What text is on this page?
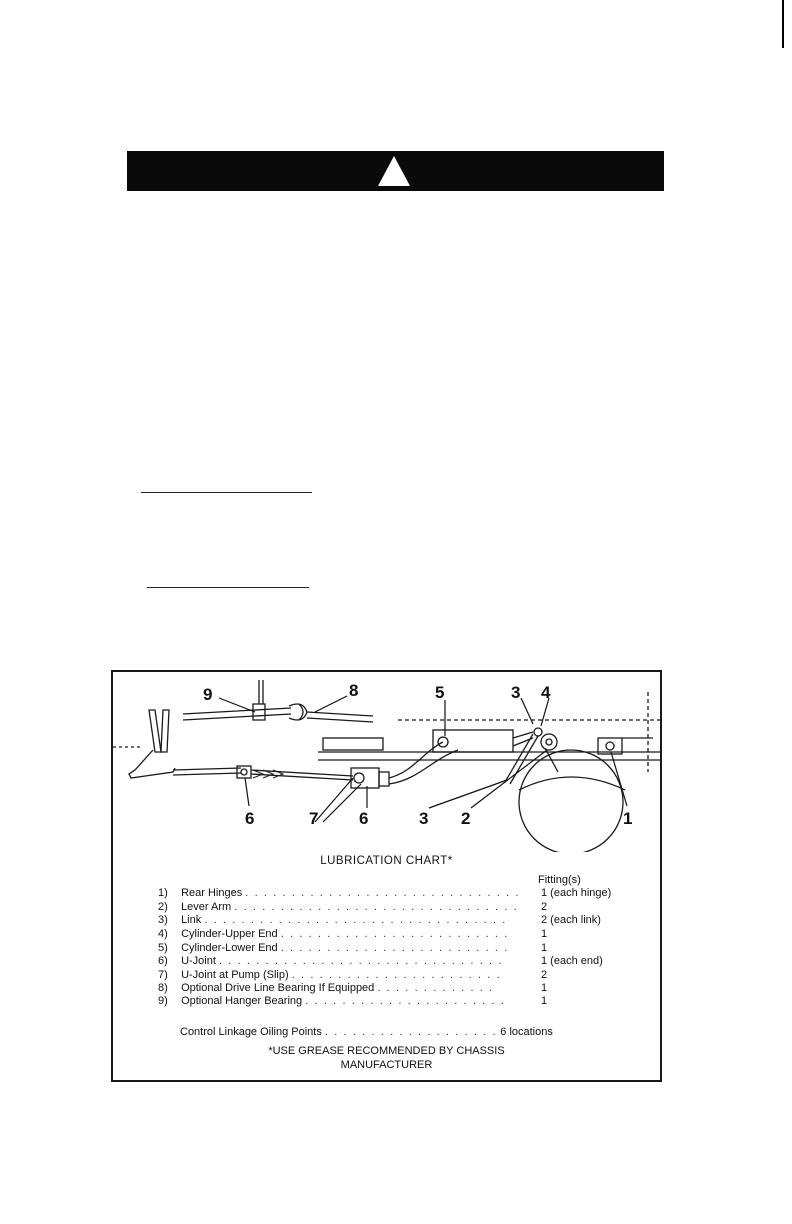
9	8	5	3 4
6	7 6	3 2	1
LUBRICATION CHART*
Fitting(s)
1) Rear Hinges . . . . . . . . . . . . . . . . . . . . . . . . . . . . . . 1 (each hinge)
2) Lever Arm . . . . . . . . . . . . . . . . . . . . . . . . . . . . . . . 2
3) Link . . . . . . . . . . . . . . . . . . . . . . . . . . . . . . . . .	2 (each link)
4) Cylinder-Upper End . . . . . . . . . . . . . . . . . . . . . . . . .	1
5) Cylinder-Lower End . . . . . . . . . . . . . . . . . . . . . . . . .	1
6) U-Joint . . . . . . . . . . . . . . . . . . . . . . . . . . . . . . .	1 (each end)
7) U-Joint at Pump (Slip) . . . . . . . . . . . . . . . . . . . . . . .	2
8) Optional Drive Line Bearing If Equipped . . . . . . . . . . . . .	1
9) Optional Hanger Bearing . . . . . . . . . . . . . . . . . . . . . .	1
Control Linkage Oiling Points . . . . . . . . . . . . . . . . . . . 6 locations
*USE GREASE RECOMMENDED BY CHASSIS
MANUFACTURER
